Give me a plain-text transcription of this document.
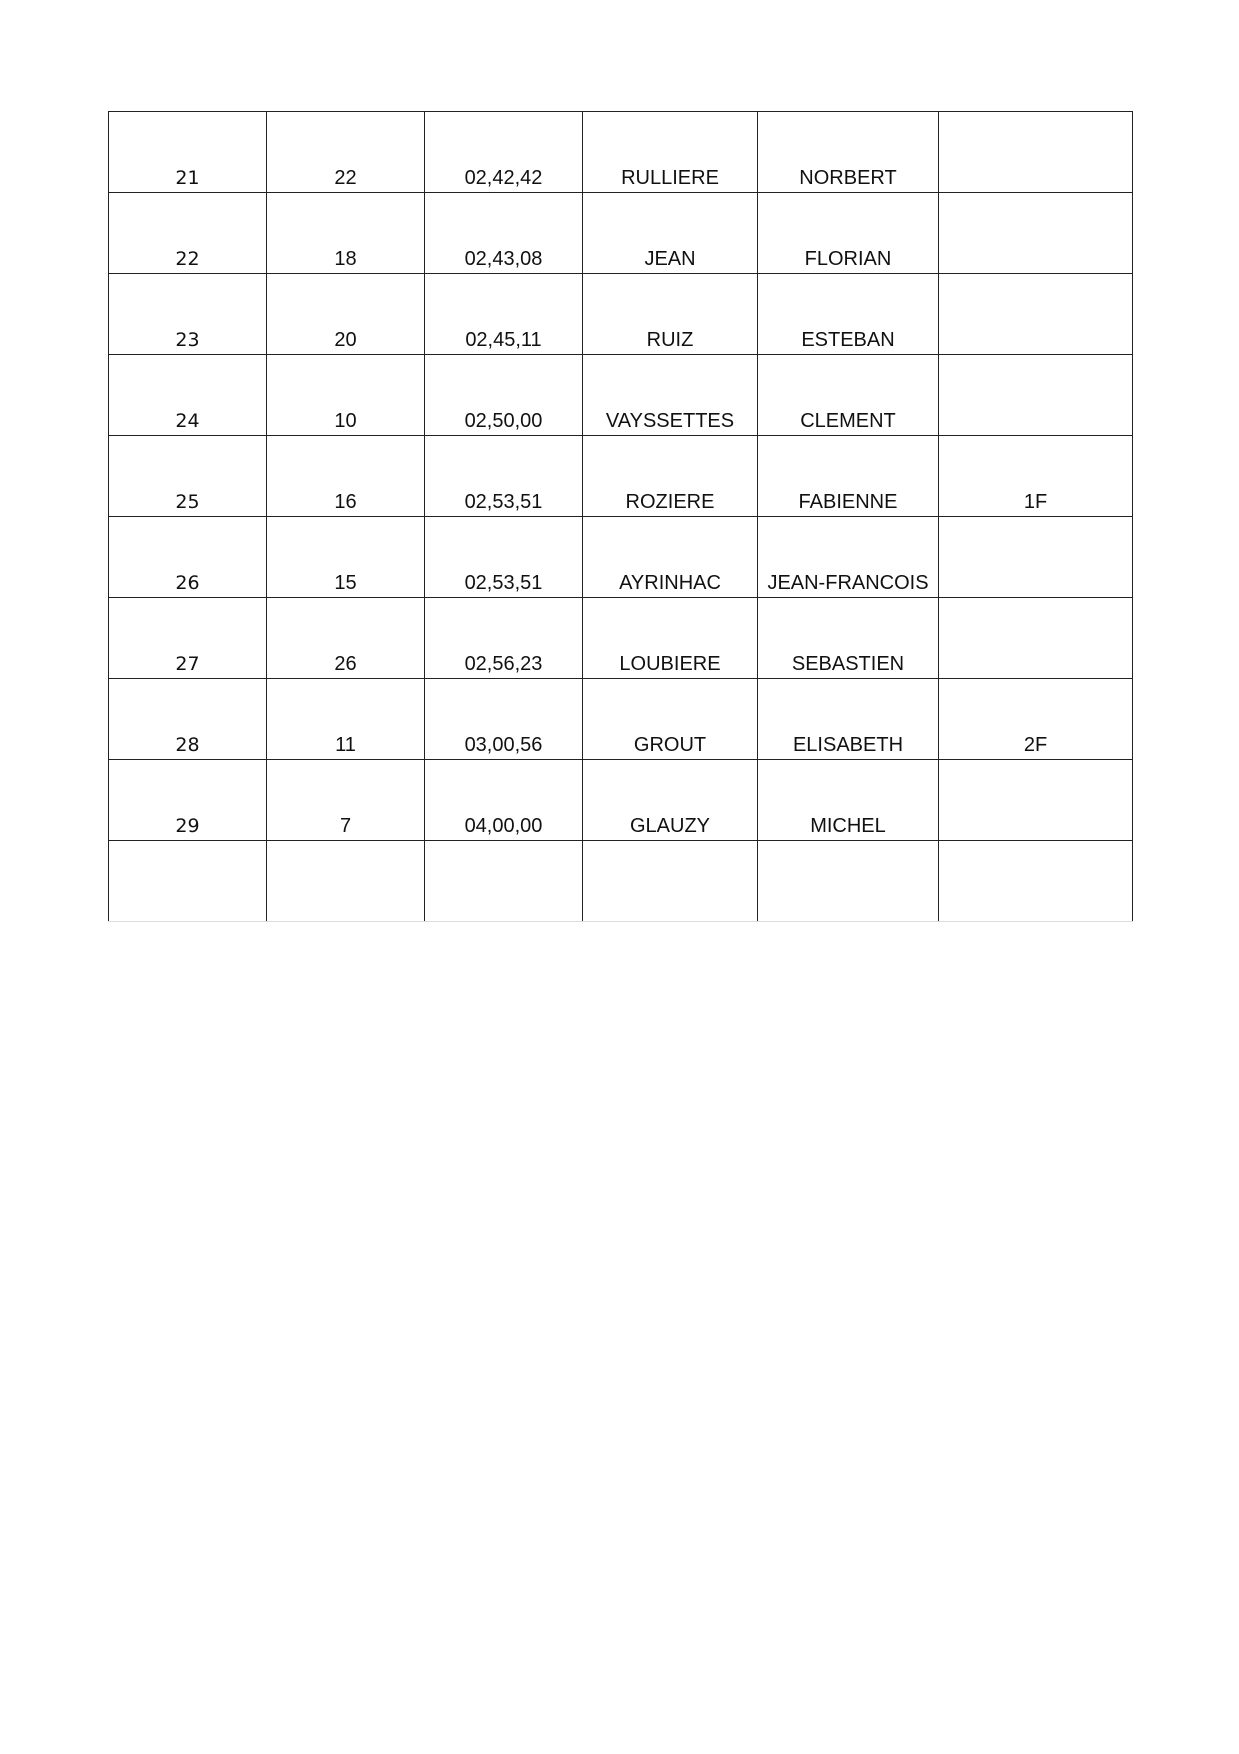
21	22	02,42,42	RULLIERE	NORBERT	
22	18	02,43,08	JEAN	FLORIAN	
23	20	02,45,11	RUIZ	ESTEBAN	
24	10	02,50,00	VAYSSETTES	CLEMENT	
25	16	02,53,51	ROZIERE	FABIENNE	1F
26	15	02,53,51	AYRINHAC	JEAN-FRANCOIS	
27	26	02,56,23	LOUBIERE	SEBASTIEN	
28	11	03,00,56	GROUT	ELISABETH	2F
29	7	04,00,00	GLAUZY	MICHEL	
